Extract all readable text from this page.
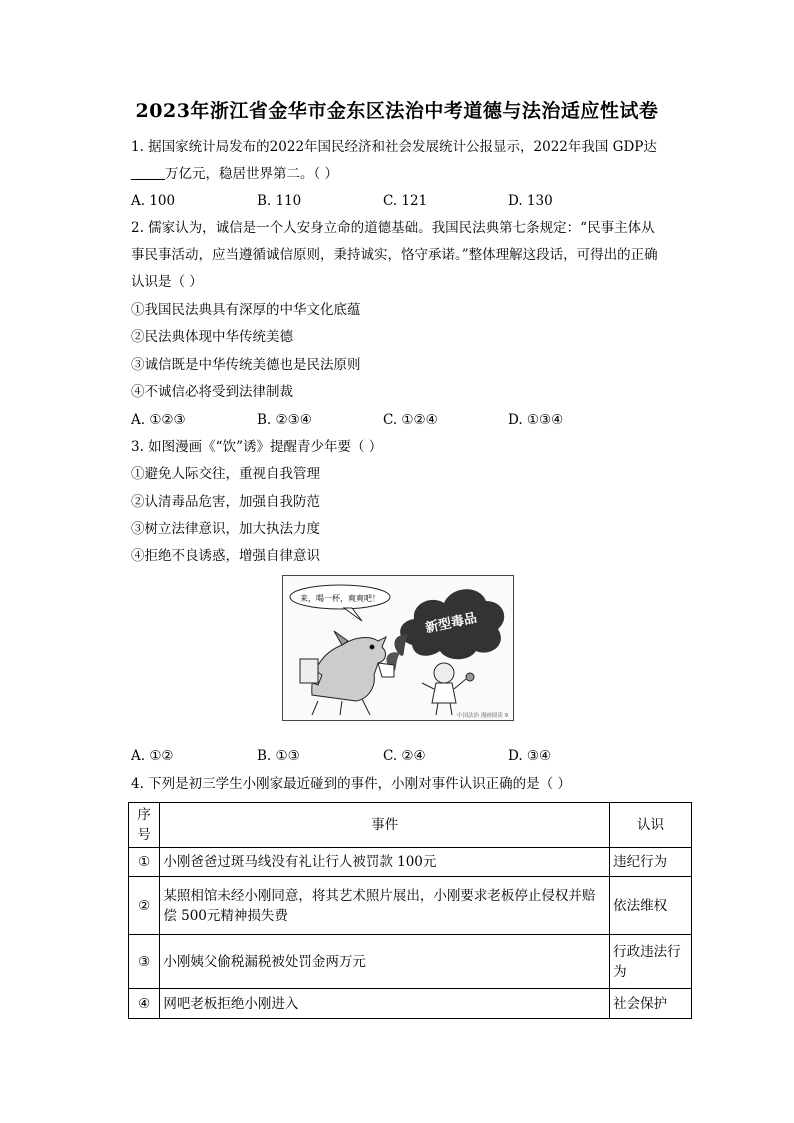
2023年浙江省金华市金东区法治中考道德与法治适应性试卷
1. 据国家统计局发布的2022年国民经济和社会发展统计公报显示，2022年我国 GDP达
万亿元，稳居世界第二。（ ）
A. 100	B. 110	C. 121	D. 130
2. 儒家认为，诚信是一个人安身立命的道德基础。我国民法典第七条规定：“民事主体从
事民事活动，应当遵循诚信原则，秉持诚实，恪守承诺。”整体理解这段话，可得出的正确
认识是（ ）
①我国民法典具有深厚的中华文化底蕴
②民法典体现中华传统美德
③诚信既是中华传统美德也是民法原则
④不诚信必将受到法律制裁
A. ①②③	B. ②③④	C. ①②④	D. ①③④
3. 如图漫画《“饮”诱》提醒青少年要（ ）
①避免人际交往，重视自我管理
②认清毒品危害，加强自我防范
③树立法律意识，加大执法力度
④拒绝不良诱惑，增强自律意识
来，喝一杯，爽爽吧！
新型毒品
中国法治 漫画阅读 9
A. ①②	B. ①③	C. ②④	D. ③④
4. 下列是初三学生小刚家最近碰到的事件，小刚对事件认识正确的是（ ）
序号	事件	认识
①	小刚爸爸过斑马线没有礼让行人被罚款 100元	违纪行为
②	某照相馆未经小刚同意，将其艺术照片展出，小刚要求老板停止侵权并赔偿 500元精神损失费	依法维权
③	小刚姨父偷税漏税被处罚金两万元	行政违法行为
④	网吧老板拒绝小刚进入	社会保护
